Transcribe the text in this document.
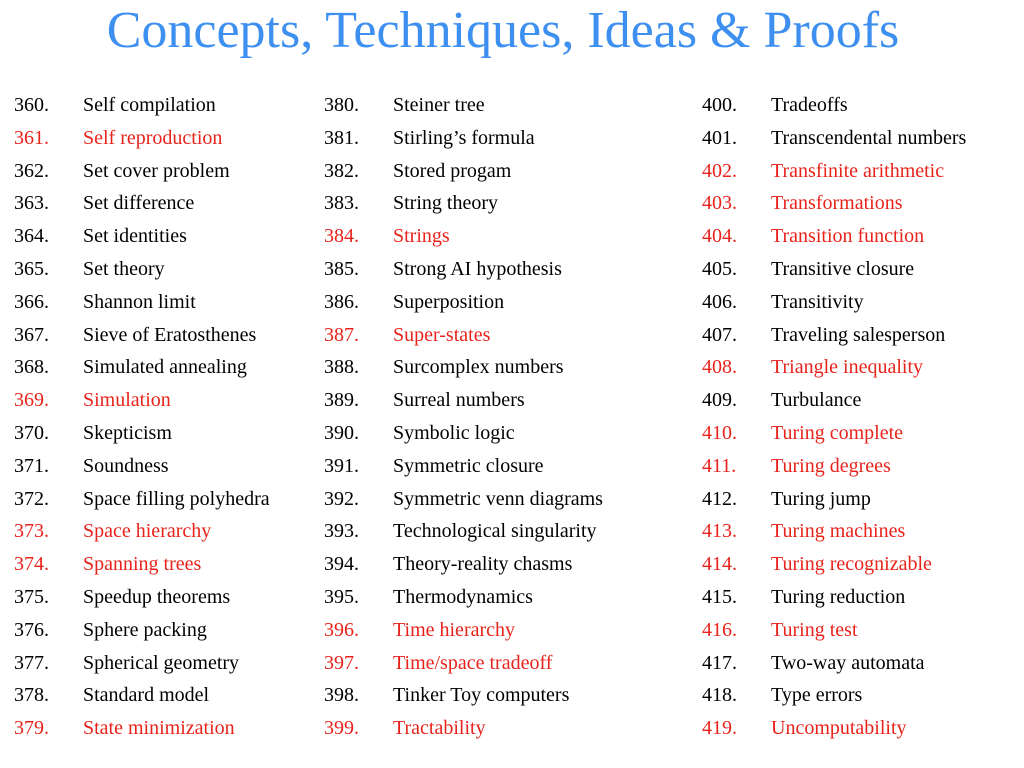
Concepts, Techniques, Ideas & Proofs
360. Self compilation
361. Self reproduction
362. Set cover problem
363. Set difference
364. Set identities
365. Set theory
366. Shannon limit
367. Sieve of Eratosthenes
368. Simulated annealing
369. Simulation
370. Skepticism
371. Soundness
372. Space filling polyhedra
373. Space hierarchy
374. Spanning trees
375. Speedup theorems
376. Sphere packing
377. Spherical geometry
378. Standard model
379. State minimization
380. Steiner tree
381. Stirling’s formula
382. Stored progam
383. String theory
384. Strings
385. Strong AI hypothesis
386. Superposition
387. Super-states
388. Surcomplex numbers
389. Surreal numbers
390. Symbolic logic
391. Symmetric closure
392. Symmetric venn diagrams
393. Technological singularity
394. Theory-reality chasms
395. Thermodynamics
396. Time hierarchy
397. Time/space tradeoff
398. Tinker Toy computers
399. Tractability
400. Tradeoffs
401. Transcendental numbers
402. Transfinite arithmetic
403. Transformations
404. Transition function
405. Transitive closure
406. Transitivity
407. Traveling salesperson
408. Triangle inequality
409. Turbulance
410. Turing complete
411. Turing degrees
412. Turing jump
413. Turing machines
414. Turing recognizable
415. Turing reduction
416. Turing test
417. Two-way automata
418. Type errors
419. Uncomputability
